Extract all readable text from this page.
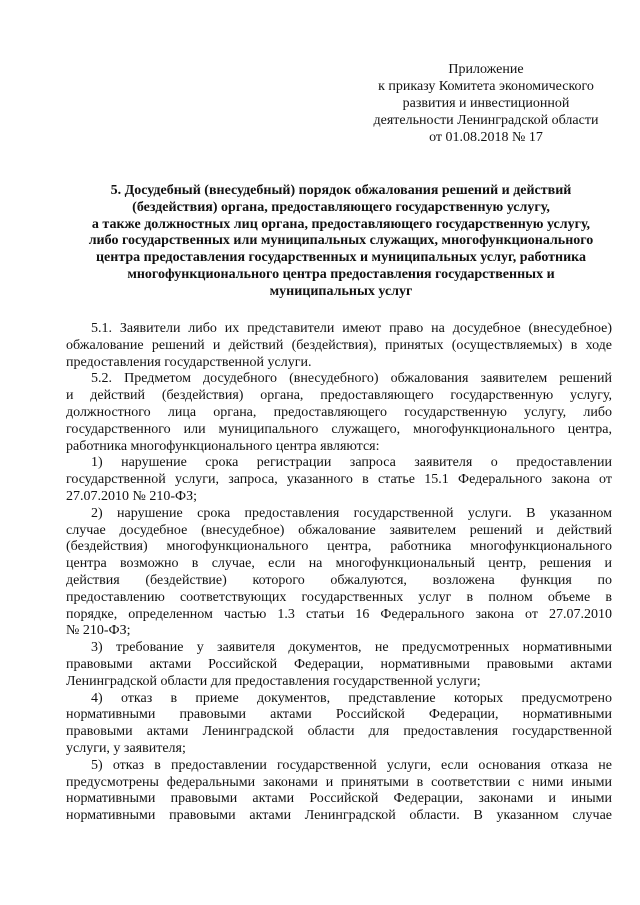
Приложение
к приказу Комитета экономического
развития и инвестиционной
деятельности Ленинградской области
от 01.08.2018 № 17
5. Досудебный (внесудебный) порядок обжалования решений и действий
(бездействия) органа, предоставляющего государственную услугу,
а также должностных лиц органа, предоставляющего государственную услугу,
либо государственных или муниципальных служащих, многофункционального
центра предоставления государственных и муниципальных услуг, работника
многофункционального центра предоставления государственных и
муниципальных услуг
5.1. Заявители либо их представители имеют право на досудебное (внесудебное)
обжалование решений и действий (бездействия), принятых (осуществляемых) в ходе
предоставления государственной услуги.
5.2. Предметом досудебного (внесудебного) обжалования заявителем решений
и действий (бездействия) органа, предоставляющего государственную услугу,
должностного лица органа, предоставляющего государственную услугу, либо
государственного или муниципального служащего, многофункционального центра,
работника многофункционального центра являются:
1) нарушение срока регистрации запроса заявителя о предоставлении
государственной услуги, запроса, указанного в статье 15.1 Федерального закона от
27.07.2010 № 210-ФЗ;
2) нарушение срока предоставления государственной услуги. В указанном
случае досудебное (внесудебное) обжалование заявителем решений и действий
(бездействия) многофункционального центра, работника многофункционального
центра возможно в случае, если на многофункциональный центр, решения и
действия (бездействие) которого обжалуются, возложена функция по
предоставлению соответствующих государственных услуг в полном объеме в
порядке, определенном частью 1.3 статьи 16 Федерального закона от 27.07.2010
№ 210-ФЗ;
3) требование у заявителя документов, не предусмотренных нормативными
правовыми актами Российской Федерации, нормативными правовыми актами
Ленинградской области для предоставления государственной услуги;
4) отказ в приеме документов, представление которых предусмотрено
нормативными правовыми актами Российской Федерации, нормативными
правовыми актами Ленинградской области для предоставления государственной
услуги, у заявителя;
5) отказ в предоставлении государственной услуги, если основания отказа не
предусмотрены федеральными законами и принятыми в соответствии с ними иными
нормативными правовыми актами Российской Федерации, законами и иными
нормативными правовыми актами Ленинградской области. В указанном случае
